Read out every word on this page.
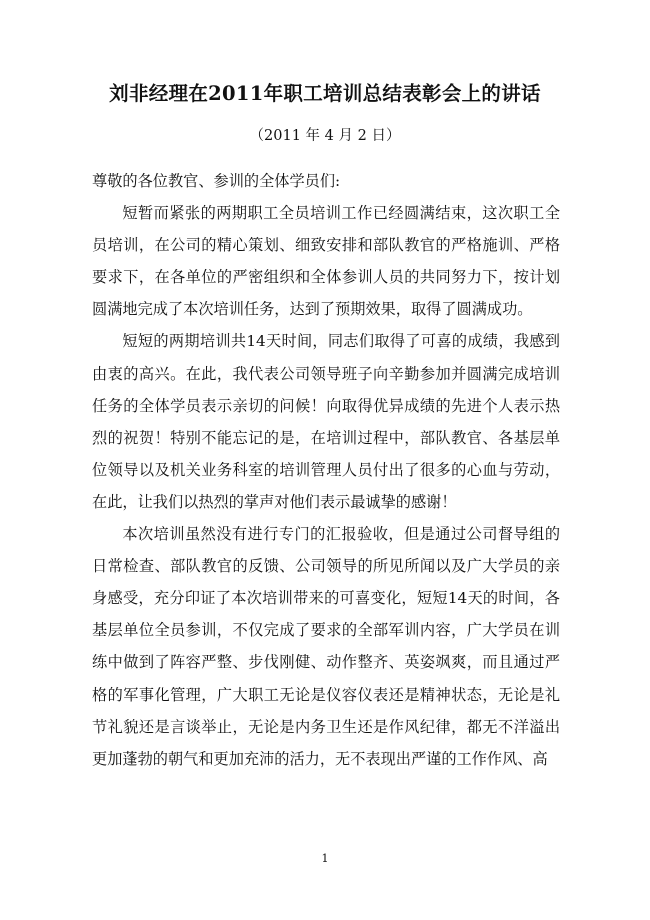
刘非经理在2011年职工培训总结表彰会上的讲话
（2011 年 4 月 2 日）

尊敬的各位教官、参训的全体学员们:

短暂而紧张的两期职工全员培训工作已经圆满结束，这次职工全员培训，在公司的精心策划、细致安排和部队教官的严格施训、严格要求下，在各单位的严密组织和全体参训人员的共同努力下，按计划圆满地完成了本次培训任务，达到了预期效果，取得了圆满成功。

短短的两期培训共14天时间，同志们取得了可喜的成绩，我感到由衷的高兴。在此，我代表公司领导班子向辛勤参加并圆满完成培训任务的全体学员表示亲切的问候！向取得优异成绩的先进个人表示热烈的祝贺！特别不能忘记的是，在培训过程中，部队教官、各基层单位领导以及机关业务科室的培训管理人员付出了很多的心血与劳动，在此，让我们以热烈的掌声对他们表示最诚挚的感谢！

本次培训虽然没有进行专门的汇报验收，但是通过公司督导组的日常检查、部队教官的反馈、公司领导的所见所闻以及广大学员的亲身感受，充分印证了本次培训带来的可喜变化，短短14天的时间，各基层单位全员参训，不仅完成了要求的全部军训内容，广大学员在训练中做到了阵容严整、步伐刚健、动作整齐、英姿飒爽，而且通过严格的军事化管理，广大职工无论是仪容仪表还是精神状态，无论是礼节礼貌还是言谈举止，无论是内务卫生还是作风纪律，都无不洋溢出更加蓬勃的朝气和更加充沛的活力，无不表现出严谨的工作作风、高

1
